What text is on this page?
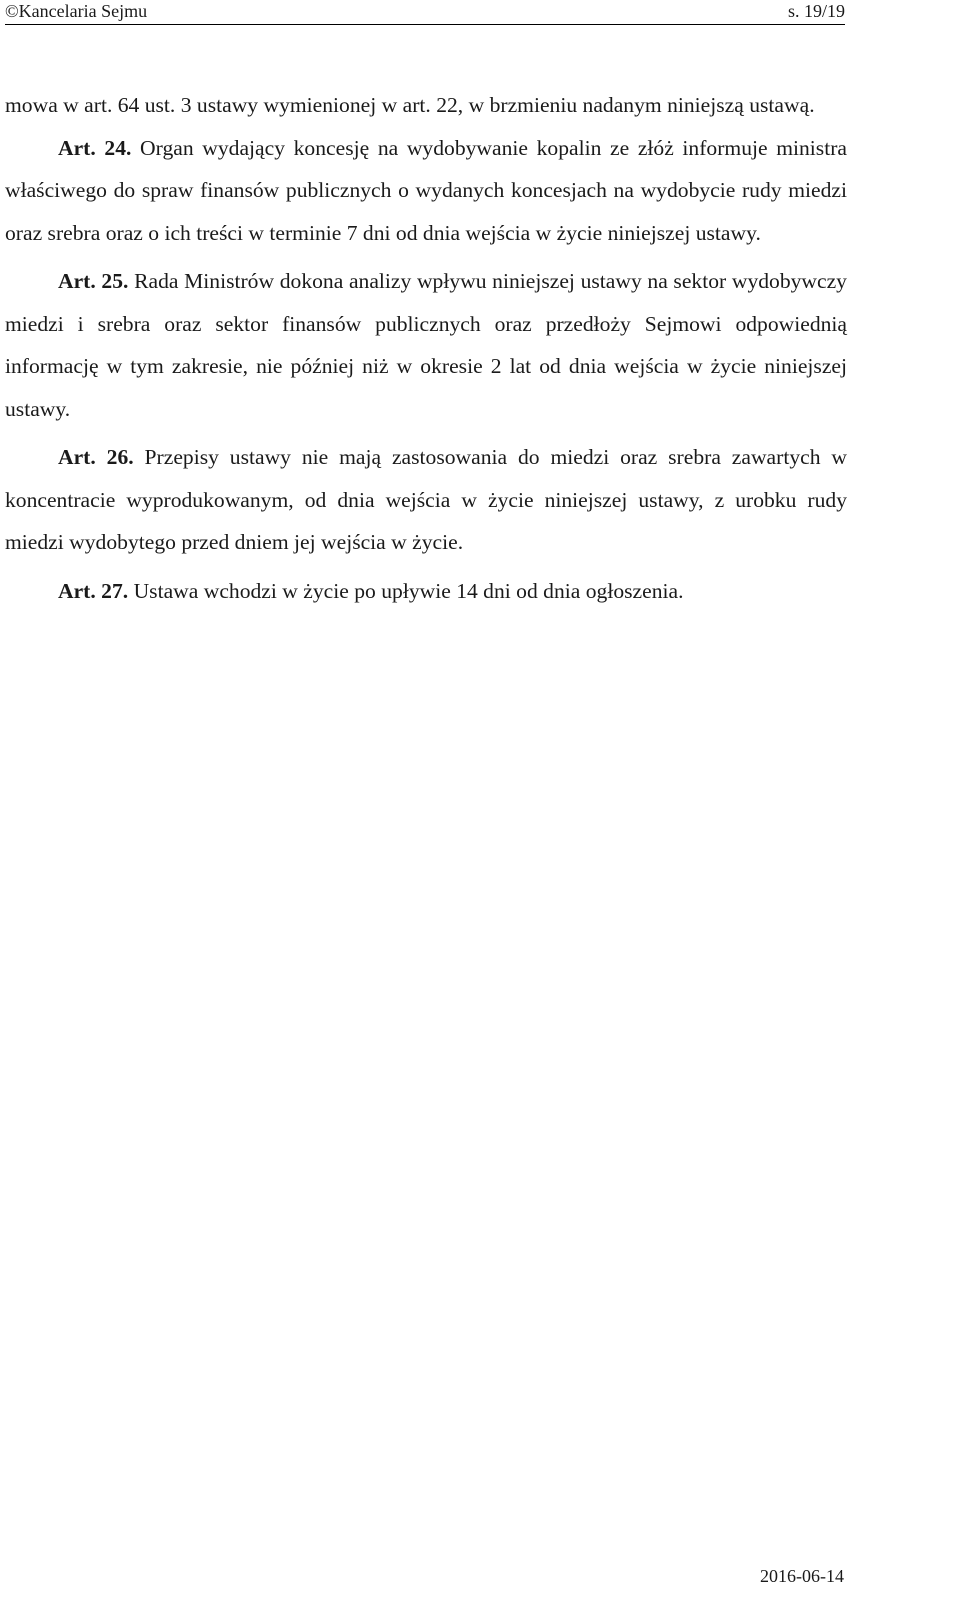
©Kancelaria Sejmu	s. 19/19

mowa w art. 64 ust. 3 ustawy wymienionej w art. 22, w brzmieniu nadanym niniejszą ustawą.

Art. 24. Organ wydający koncesję na wydobywanie kopalin ze złóż informuje ministra właściwego do spraw finansów publicznych o wydanych koncesjach na wydobycie rudy miedzi oraz srebra oraz o ich treści w terminie 7 dni od dnia wejścia w życie niniejszej ustawy.

Art. 25. Rada Ministrów dokona analizy wpływu niniejszej ustawy na sektor wydobywczy miedzi i srebra oraz sektor finansów publicznych oraz przedłoży Sejmowi odpowiednią informację w tym zakresie, nie później niż w okresie 2 lat od dnia wejścia w życie niniejszej ustawy.

Art. 26. Przepisy ustawy nie mają zastosowania do miedzi oraz srebra zawartych w koncentracie wyprodukowanym, od dnia wejścia w życie niniejszej ustawy, z urobku rudy miedzi wydobytego przed dniem jej wejścia w życie.

Art. 27. Ustawa wchodzi w życie po upływie 14 dni od dnia ogłoszenia.

2016-06-14
